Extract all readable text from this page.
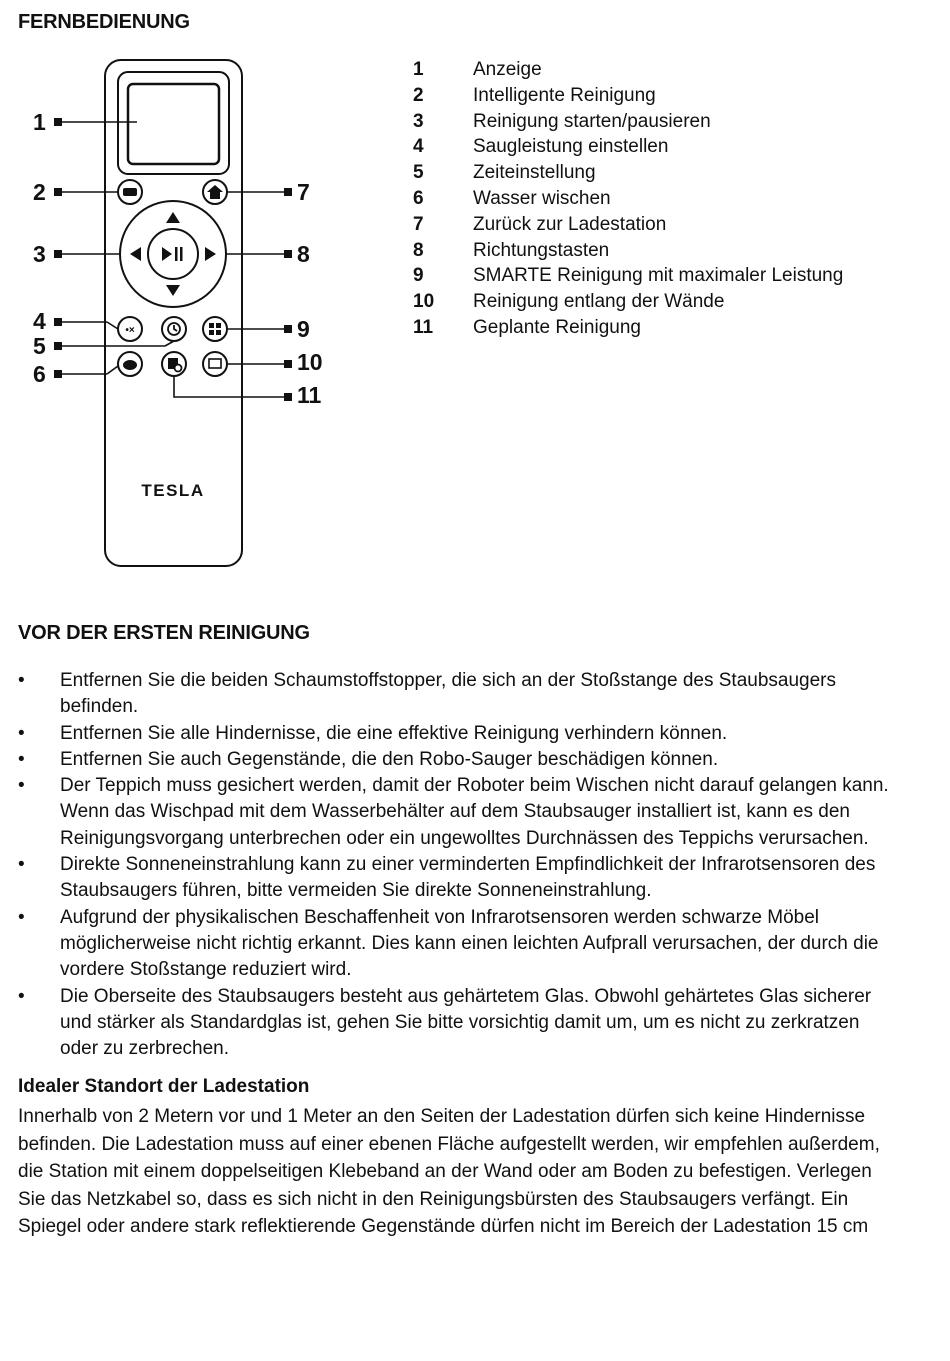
FERNBEDIENUNG
•×
1
2	7
3	8
4
5
9
6	10
11
TESLA
1	Anzeige
2	Intelligente Reinigung
3	Reinigung starten/pausieren
4	Saugleistung einstellen
5	Zeiteinstellung
6	Wasser wischen
7	Zurück zur Ladestation
8	Richtungstasten
9	SMARTE Reinigung mit maximaler Leistung
10	Reinigung entlang der Wände
11	Geplante Reinigung
VOR DER ERSTEN REINIGUNG
• Entfernen Sie die beiden Schaumstoffstopper, die sich an der Stoßstange des Staubsaugers befinden.
• Entfernen Sie alle Hindernisse, die eine effektive Reinigung verhindern können.
• Entfernen Sie auch Gegenstände, die den Robo-Sauger beschädigen können.
• Der Teppich muss gesichert werden, damit der Roboter beim Wischen nicht darauf gelangen kann. Wenn das Wischpad mit dem Wasserbehälter auf dem Staubsauger installiert ist, kann es den Reinigungsvorgang unterbrechen oder ein ungewolltes Durchnässen des Teppichs verursachen.
• Direkte Sonneneinstrahlung kann zu einer verminderten Empfindlichkeit der Infrarotsensoren des Staubsaugers führen, bitte vermeiden Sie direkte Sonneneinstrahlung.
• Aufgrund der physikalischen Beschaffenheit von Infrarotsensoren werden schwarze Möbel möglicherweise nicht richtig erkannt. Dies kann einen leichten Aufprall verursachen, der durch die vordere Stoßstange reduziert wird.
• Die Oberseite des Staubsaugers besteht aus gehärtetem Glas. Obwohl gehärtetes Glas sicherer und stärker als Standardglas ist, gehen Sie bitte vorsichtig damit um, um es nicht zu zerkratzen oder zu zerbrechen.
Idealer Standort der Ladestation

Innerhalb von 2 Metern vor und 1 Meter an den Seiten der Ladestation dürfen sich keine Hindernisse befinden. Die Ladestation muss auf einer ebenen Fläche aufgestellt werden, wir empfehlen außerdem, die Station mit einem doppelseitigen Klebeband an der Wand oder am Boden zu befestigen. Verlegen Sie das Netzkabel so, dass es sich nicht in den Reinigungsbürsten des Staubsaugers verfängt. Ein Spiegel oder andere stark reflektierende Gegenstände dürfen nicht im Bereich der Ladestation 15 cm
